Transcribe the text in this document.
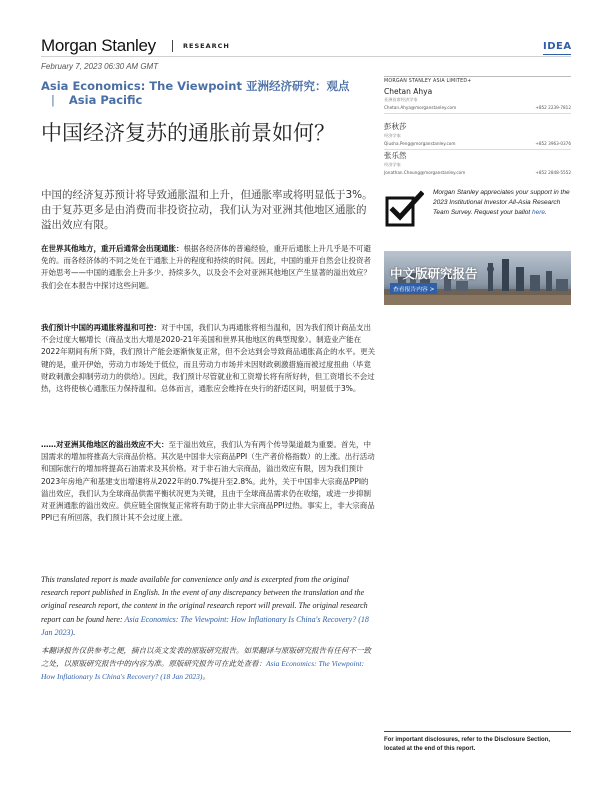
Morgan Stanley	RESEARCH	IDEA
February 7, 2023 06:30 AM GMT
Asia Economics: The Viewpoint 亚洲经济研究：观点 | Asia Pacific
中国经济复苏的通胀前景如何？
中国的经济复苏预计将导致通胀温和上升，但通胀率或将明显低于3%。由于复苏更多是由消费而非投资拉动，我们认为对亚洲其他地区通胀的溢出效应有限。
在世界其他地方，重开后通常会出现通胀：根据各经济体的普遍经验，重开后通胀上升几乎是不可避免的。而各经济体的不同之处在于通胀上升的程度和持续的时间。因此，中国的重开自然会让投资者开始思考——中国的通胀会上升多少、持续多久，以及会不会对亚洲其他地区产生显著的溢出效应？我们会在本报告中探讨这些问题。
我们预计中国的再通胀将温和可控：对于中国，我们认为再通胀将相当温和，因为我们预计商品支出不会过度大幅增长（商品支出大增是2020-21年美国和世界其他地区的典型现象）。制造业产能在2022年期间有所下降，我们预计产能会逐渐恢复正常，但不会达到会导致商品通胀高企的水平。更关键的是，重开伊始，劳动力市场处于低位，而且劳动力市场并未因财政刺激措施而被过度扭曲（毕竟财政刺激会抑制劳动力的供给）。因此，我们预计尽管就业和工资增长将有所好转，但工资增长不会过热，这将使核心通胀压力保持温和。总体而言，通胀应会维持在央行的舒适区间，明显低于3%。
……对亚洲其他地区的溢出效应不大：至于溢出效应，我们认为有两个传导渠道最为重要。首先，中国需求的增加将推高大宗商品价格。其次是中国非大宗商品PPI（生产者价格指数）的上涨。出行活动和国际旅行的增加将提高石油需求及其价格。对于非石油大宗商品，溢出效应有限，因为我们预计2023年房地产和基建支出增速将从2022年的0.7%提升至2.8%。此外，关于中国非大宗商品PPI的溢出效应，我们认为全球商品供需平衡状况更为关键，且由于全球商品需求仍在收缩，或进一步抑制对亚洲通胀的溢出效应。供应链全面恢复正常将有助于防止非大宗商品PPI过热。事实上，非大宗商品PPI已有所回落，我们预计其不会过度上涨。
This translated report is made available for convenience only and is excerpted from the original research report published in English. In the event of any discrepancy between the translation and the original research report, the content in the original research report will prevail. The original research report can be found here: Asia Economics: The Viewpoint: How Inflationary Is China's Recovery? (18 Jan 2023).
本翻译报告仅供参考之便，摘自以英文发表的原版研究报告。如果翻译与原版研究报告有任何不一致之处，以原版研究报告中的内容为准。原版研究报告可在此处查看：Asia Economics: The Viewpoint: How Inflationary Is China's Recovery? (18 Jan 2023)。
MORGAN STANLEY ASIA LIMITED+
Chetan Ahya
亚洲首席经济学家
Chetan.Ahya@morganstanley.com	+852 2239-7812
彭秋莎
经济学家
Qiusha.Peng@morganstanley.com	+852 3963-0376
张乐然
经济学家
Jonathan.Cheung@morganstanley.com	+852 2848-5552
Morgan Stanley appreciates your support in the 2023 Institutional Investor All-Asia Research Team Survey. Request your ballot here.
中文版研究报告
查看报告内容 >
For important disclosures, refer to the Disclosure Section, located at the end of this report.
